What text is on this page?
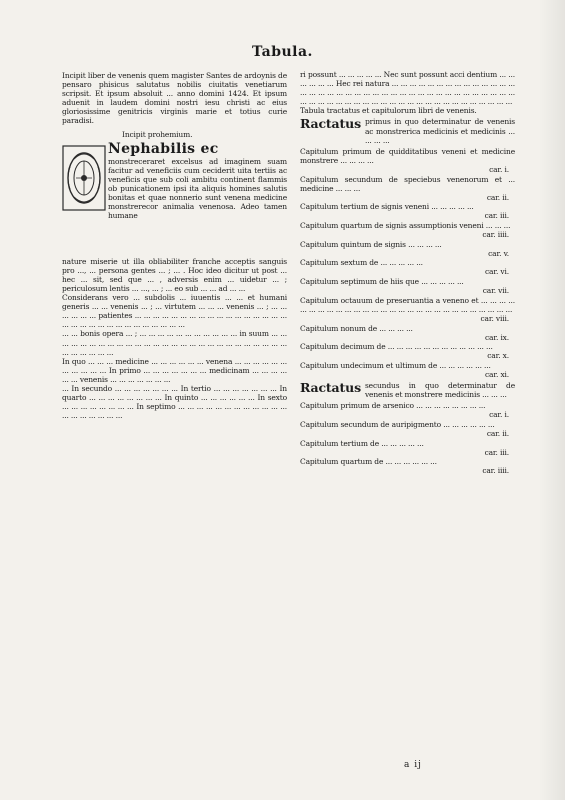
Tabula.

Incipit liber de venenis quem magister Santes de ardoynis de pensaro phisicus salutatus nobilis ciuitatis venetiarum scripsit. Et ipsum absoluit ... anno domini 1424. Et ipsum aduenit in laudem domini nostri iesu christi ac eius gloriosissime genitricis virginis marie et totius curie paradisi.

Incipit prohemium.

Nephabilis ec

monstreceraret excelsus ad imaginem suam facitur ad veneficiis cum ceciderit uita tertiis ac veneficis que sub coli ambitu continent flammis ob punicationem ipsi ita aliquis homines salutis bonitas et quae nonnerio sunt venena medicine monstrerecor animalia venenosa. Adeo tamen humane

nature miserie ut illa obliabiliter franche acceptis sanguis pro ..., ... persona gentes ... ; ... . Hoc ideo dicitur ut post ... hec ... sit, sed que ... , adversis enim ... uidetur ... ; periculosum lentis ... ..., ... ; ... eo sub ... ... ad ... ...

Considerans vero ... subdolis ... iuuentis ... ... et humani generis ... ... venenis ... ; ... virtutem ... ... ... venenis ... ; ... ... ... ... ... ... patientes ... ... ... ... ... ... ... ... ... ... ... ... ... ... ... ... ... ... ... ... ... ... ... ... ... ... ... ... ... ... ...

... ... bonis opera ... ; ... ... ... ... ... ... ... ... ... ... ... in suum ... ... ... ... ... ... ... ... ... ... ... ... ... ... ... ... ... ... ... ... ... ... ... ... ... ... ... ... ... ... ... ... ...

In quo ... ... ... medicine ... ... ... ... ... ... venena ... ... ... ... ... ... ... ... ... ... ... In primo ... ... ... ... ... ... ... medicinam ... ... ... ... ... ... venenis ... ... ... ... ... ... ...

... In secundo ... ... ... ... ... ... ... In tertio ... ... ... ... ... ... ... In quarto ... ... ... ... ... ... ... ... In quinto ... ... ... ... ... ... In sexto ... ... ... ... ... ... ... ... In septimo ... ... ... ... ... ... ... ... ... ... ... ... ... ... ... ... ... ... ...

ri possunt ... ... ... ... ... Nec sunt possunt acci dentium ... ... ... ... ... ... Hec rei natura ... ... ... ... ... ... ... ... ... ... ... ... ... ... ... ... ... ... ... ... ... ... ... ... ... ... ... ... ... ... ... ... ... ... ... ... ... ... ... ... ... ... ... ... ... ... ... ... ... ... ... ... ... ... ... ... ... ... ... ... ... ...

Tabula tractatus et capitulorum libri de venenis.

Ractatus primus in quo determinatur de venenis ac monstrerica medicinis et medicinis ... ... ... ...

Capitulum primum de quidditatibus veneni et medicine monstrere ... ... ... ...
car. i.

Capitulum secundum de speciebus venenorum et ... medicine ... ... ...
car. ii.

Capitulum tertium de signis veneni ... ... ... ... ...
car. iii.

Capitulum quartum de signis assumptionis veneni ... ... ...
car. iiii.

Capitulum quintum de signis ... ... ... ...
car. v.

Capitulum sextum de ... ... ... ... ...
car. vi.

Capitulum septimum de hiis que ... ... ... ... ...
car. vii.

Capitulum octauum de preseruantia a veneno et ... ... ... ... ... ... ... ... ... ... ... ... ... ... ... ... ... ... ... ... ... ... ... ... ... ... ... ...
car. viii.

Capitulum nonum de ... ... ... ...
car. ix.

Capitulum decimum de ... ... ... ... ... ... ... ... ... ... ... ...
car. x.

Capitulum undecimum et ultimum de ... ... ... ... ... ...
car. xi.

Ractatus secundus in quo determinatur de venenis et monstrere medicinis ... ... ...

Capitulum primum de arsenico ... ... ... ... ... ... ... ...
car. i.

Capitulum secundum de auripigmento ... ... ... ... ... ...
car. ii.

Capitulum tertium de ... ... ... ... ...
car. iii.

Capitulum quartum de ... ... ... ... ... ...
car. iiii.

a ij
